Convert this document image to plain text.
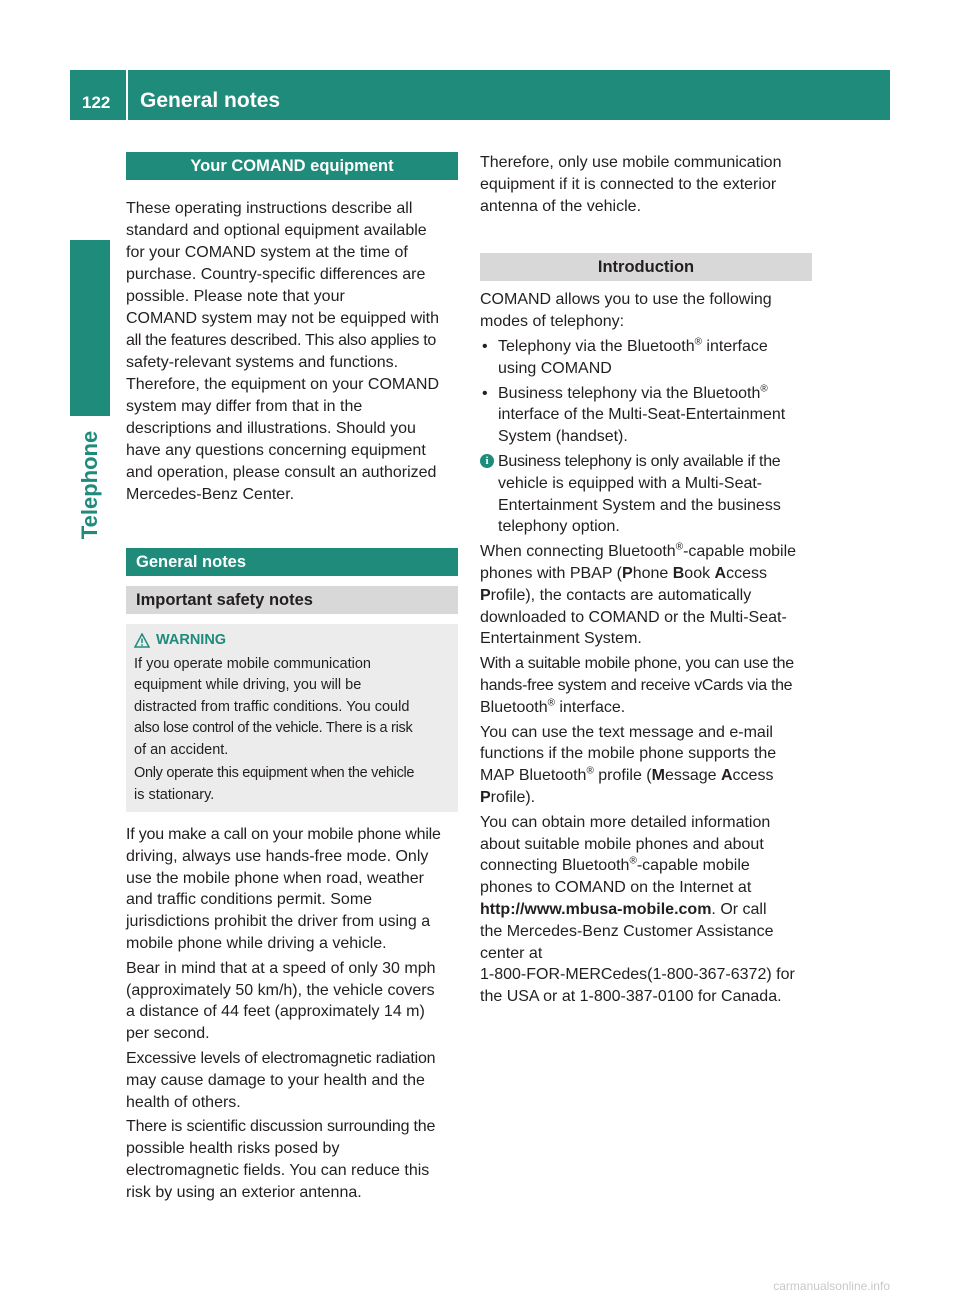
122 General notes
Telephone
Your COMAND equipment
These operating instructions describe all
standard and optional equipment available
for your COMAND system at the time of
purchase. Country-specific differences are
possible. Please note that your
COMAND system may not be equipped with
all the features described. This also applies to
safety-relevant systems and functions.
Therefore, the equipment on your COMAND
system may differ from that in the
descriptions and illustrations. Should you
have any questions concerning equipment
and operation, please consult an authorized
Mercedes-Benz Center.
General notes
Important safety notes
WARNING

If you operate mobile communication
equipment while driving, you will be
distracted from traffic conditions. You could
also lose control of the vehicle. There is a risk
of an accident.

Only operate this equipment when the vehicle
is stationary.

If you make a call on your mobile phone while
driving, always use hands-free mode. Only
use the mobile phone when road, weather
and traffic conditions permit. Some
jurisdictions prohibit the driver from using a
mobile phone while driving a vehicle.

Bear in mind that at a speed of only 30 mph
(approximately 50 km/h), the vehicle covers
a distance of 44 feet (approximately 14 m)
per second.

Excessive levels of electromagnetic radiation
may cause damage to your health and the
health of others.

There is scientific discussion surrounding the
possible health risks posed by
electromagnetic fields. You can reduce this
risk by using an exterior antenna.

Therefore, only use mobile communication
equipment if it is connected to the exterior
antenna of the vehicle.

Introduction

COMAND allows you to use the following
modes of telephony:

• Telephony via the Bluetooth® interface
using COMAND
• Business telephony via the Bluetooth®
interface of the Multi-Seat-Entertainment
System (handset).
i Business telephony is only available if the
vehicle is equipped with a Multi-Seat-
Entertainment System and the business
telephony option.

When connecting Bluetooth®-capable mobile
phones with PBAP (Phone Book Access
Profile), the contacts are automatically
downloaded to COMAND or the Multi-Seat-
Entertainment System.

With a suitable mobile phone, you can use the
hands-free system and receive vCards via the
Bluetooth® interface.

You can use the text message and e-mail
functions if the mobile phone supports the
MAP Bluetooth® profile (Message Access
Profile).

You can obtain more detailed information
about suitable mobile phones and about
connecting Bluetooth®-capable mobile
phones to COMAND on the Internet at
http://www.mbusa-mobile.com. Or call
the Mercedes-Benz Customer Assistance
center at
1-800-FOR-MERCedes(1-800-367-6372) for
the USA or at 1-800-387-0100 for Canada.

carmanualsonline.info
